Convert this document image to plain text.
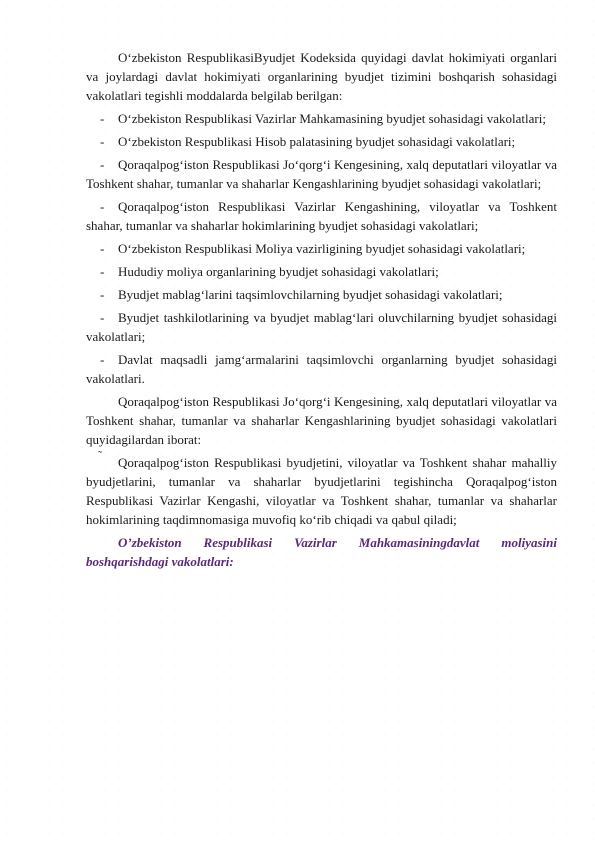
O‘zbekiston RespublikasiByudjet Kodeksida quyidagi davlat hokimiyati organlari va joylardagi davlat hokimiyati organlarining byudjet tizimini boshqarish sohasidagi vakolatlari tegishli moddalarda belgilab berilgan:

- O‘zbekiston Respublikasi Vazirlar Mahkamasining byudjet sohasidagi vakolatlari;

- O‘zbekiston Respublikasi Hisob palatasining byudjet sohasidagi vakolatlari;

- Qoraqalpog‘iston Respublikasi Jo‘qorg‘i Kengesining, xalq deputatlari viloyatlar va Toshkent shahar, tumanlar va shaharlar Kengashlarining byudjet sohasidagi vakolatlari;

- Qoraqalpog‘iston Respublikasi Vazirlar Kengashining, viloyatlar va Toshkent shahar, tumanlar va shaharlar hokimlarining byudjet sohasidagi vakolatlari;

- O‘zbekiston Respublikasi Moliya vazirligining byudjet sohasidagi vakolatlari;

- Hududiy moliya organlarining byudjet sohasidagi vakolatlari;

- Byudjet mablag‘larini taqsimlovchilarning byudjet sohasidagi vakolatlari;

- Byudjet tashkilotlarining va byudjet mablag‘lari oluvchilarning byudjet sohasidagi vakolatlari;

- Davlat maqsadli jamg‘armalarini taqsimlovchi organlarning byudjet sohasidagi vakolatlari.

Qoraqalpog‘iston Respublikasi Jo‘qorg‘i Kengesining, xalq deputatlari viloyatlar va Toshkent shahar, tumanlar va shaharlar Kengashlarining byudjet sohasidagi vakolatlari quyidagilardan iborat:

˜ Qoraqalpog‘iston Respublikasi byudjetini, viloyatlar va Toshkent shahar mahalliy byudjetlarini, tumanlar va shaharlar byudjetlarini tegishincha Qoraqalpog‘iston Respublikasi Vazirlar Kengashi, viloyatlar va Toshkent shahar, tumanlar va shaharlar hokimlarining taqdimnomasiga muvofiq ko‘rib chiqadi va qabul qiladi;

O’zbekiston Respublikasi Vazirlar Mahkamasiningdavlat moliyasini boshqarishdagi vakolatlari:
